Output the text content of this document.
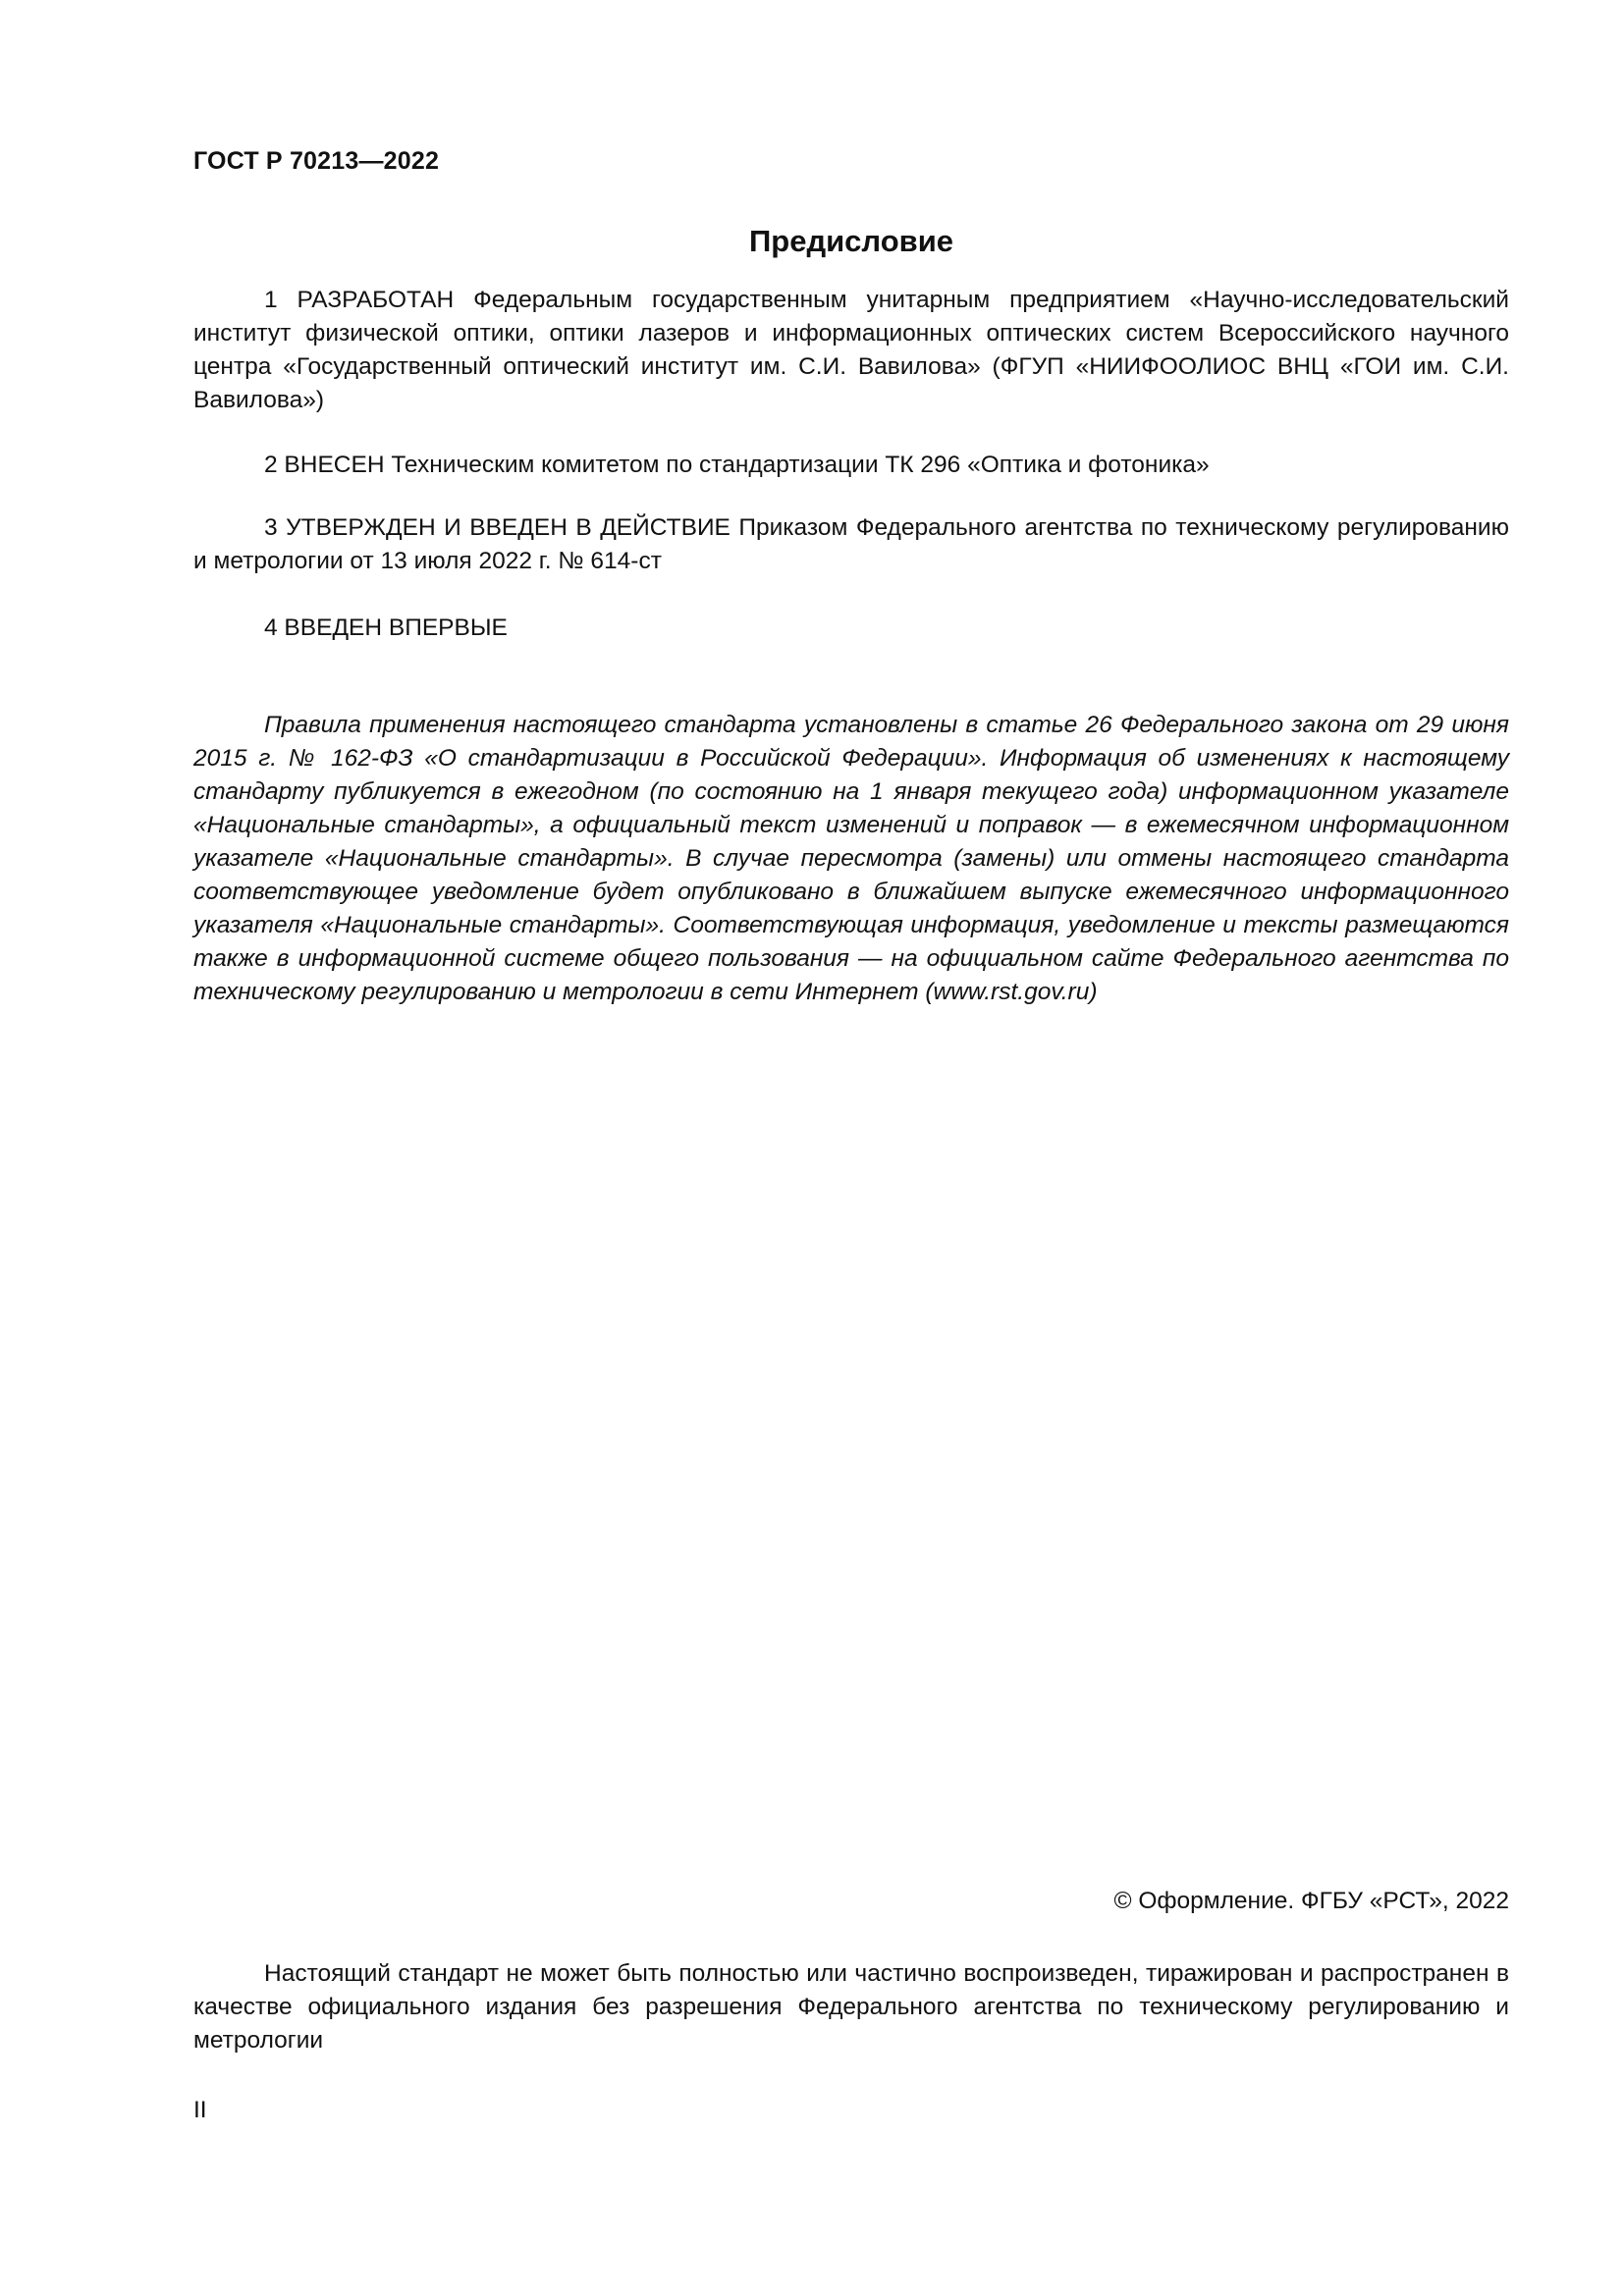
ГОСТ Р 70213—2022
Предисловие

1 РАЗРАБОТАН Федеральным государственным унитарным предприятием «Научно-исследовательский институт физической оптики, оптики лазеров и информационных оптических систем Всероссийского научного центра «Государственный оптический институт им. С.И. Вавилова» (ФГУП «НИИФООЛИОС ВНЦ «ГОИ им. С.И. Вавилова»)

2 ВНЕСЕН Техническим комитетом по стандартизации ТК 296 «Оптика и фотоника»

3 УТВЕРЖДЕН И ВВЕДЕН В ДЕЙСТВИЕ Приказом Федерального агентства по техническому регулированию и метрологии от 13 июля 2022 г. № 614-ст

4 ВВЕДЕН ВПЕРВЫЕ

Правила применения настоящего стандарта установлены в статье 26 Федерального закона от 29 июня 2015 г. № 162-ФЗ «О стандартизации в Российской Федерации». Информация об изменениях к настоящему стандарту публикуется в ежегодном (по состоянию на 1 января текущего года) информационном указателе «Национальные стандарты», а официальный текст изменений и поправок — в ежемесячном информационном указателе «Национальные стандарты». В случае пересмотра (замены) или отмены настоящего стандарта соответствующее уведомление будет опубликовано в ближайшем выпуске ежемесячного информационного указателя «Национальные стандарты». Соответствующая информация, уведомление и тексты размещаются также в информационной системе общего пользования — на официальном сайте Федерального агентства по техническому регулированию и метрологии в сети Интернет (www.rst.gov.ru)

© Оформление. ФГБУ «РСТ», 2022

Настоящий стандарт не может быть полностью или частично воспроизведен, тиражирован и распространен в качестве официального издания без разрешения Федерального агентства по техническому регулированию и метрологии

II
